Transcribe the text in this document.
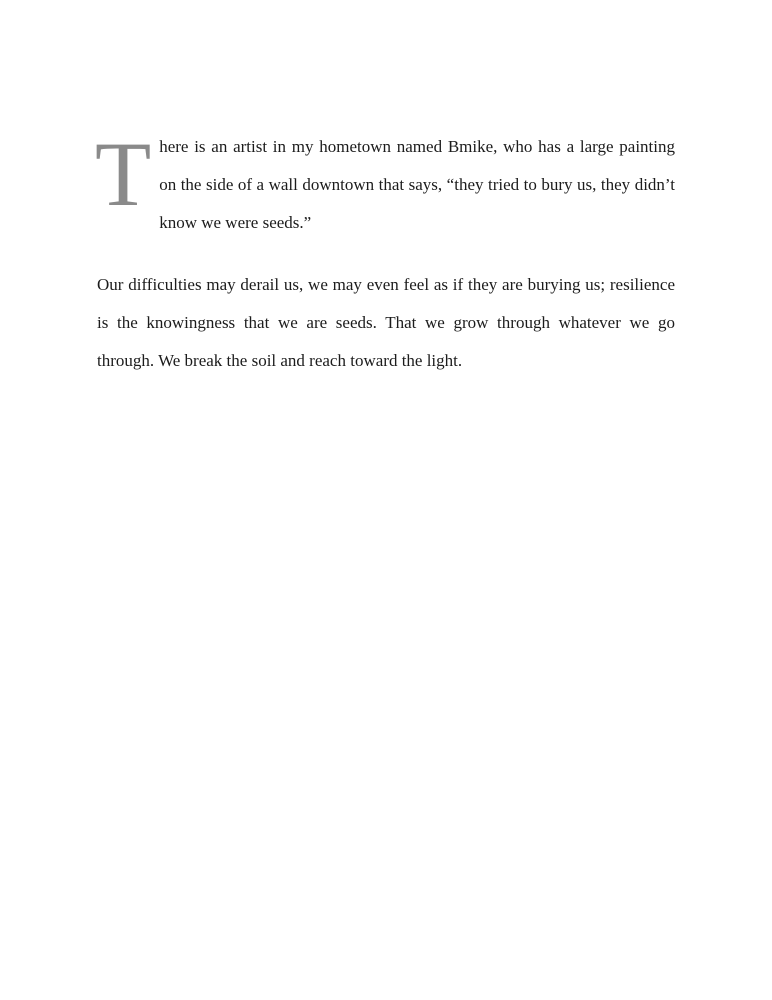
There is an artist in my hometown named Bmike, who has a large painting on the side of a wall downtown that says, “they tried to bury us, they didn’t know we were seeds.”

Our difficulties may derail us, we may even feel as if they are burying us; resilience is the knowingness that we are seeds. That we grow through whatever we go through. We break the soil and reach toward the light.
